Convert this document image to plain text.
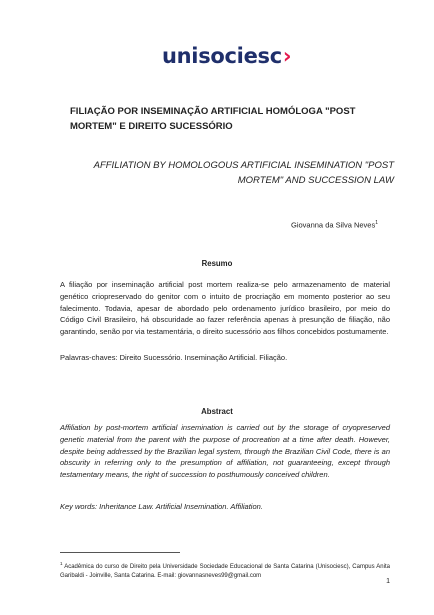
unisociesc›
FILIAÇÃO POR INSEMINAÇÃO ARTIFICIAL HOMÓLOGA "POST MORTEM" E DIREITO SUCESSÓRIO
AFFILIATION BY HOMOLOGOUS ARTIFICIAL INSEMINATION "POST MORTEM" AND SUCCESSION LAW
Giovanna da Silva Neves$^1$
Resumo
A filiação por inseminação artificial post mortem realiza-se pelo armazenamento de material genético criopreservado do genitor com o intuito de procriação em momento posterior ao seu falecimento. Todavia, apesar de abordado pelo ordenamento jurídico brasileiro, por meio do Código Civil Brasileiro, há obscuridade ao fazer referência apenas à presunção de filiação, não garantindo, senão por via testamentária, o direito sucessório aos filhos concebidos postumamente.
Palavras-chaves: Direito Sucessório. Inseminação Artificial. Filiação.
Abstract
Affiliation by post-mortem artificial insemination is carried out by the storage of cryopreserved genetic material from the parent with the purpose of procreation at a time after death. However, despite being addressed by the Brazilian legal system, through the Brazilian Civil Code, there is an obscurity in referring only to the presumption of affiliation, not guaranteeing, except through testamentary means, the right of succession to posthumously conceived children.
Key words: Inheritance Law. Artificial Insemination. Affiliation.
$^1$ Acadêmica do curso de Direito pela Universidade Sociedade Educacional de Santa Catarina (Unisociesc), Campus Anita Garibaldi - Joinville, Santa Catarina. E-mail: giovannasneves99@gmail.com
1
